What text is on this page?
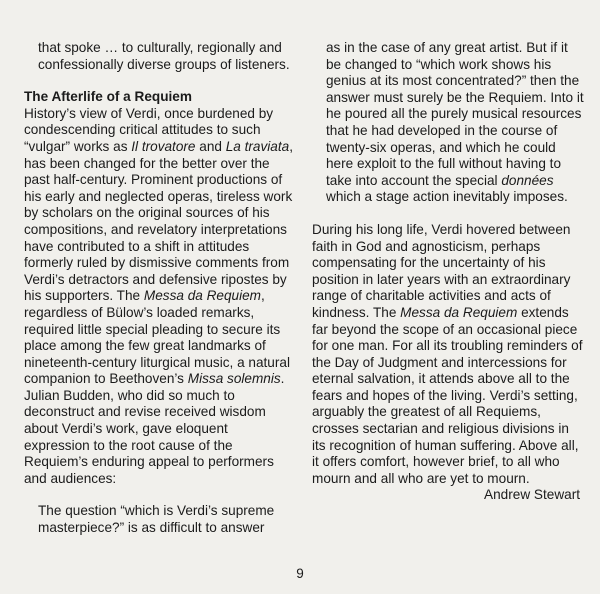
that spoke … to culturally, regionally and confessionally diverse groups of listeners.

The Afterlife of a Requiem

History’s view of Verdi, once burdened by condescending critical attitudes to such “vulgar” works as Il trovatore and La traviata, has been changed for the better over the past half-century. Prominent productions of his early and neglected operas, tireless work by scholars on the original sources of his compositions, and revelatory interpretations have contributed to a shift in attitudes formerly ruled by dismissive comments from Verdi’s detractors and defensive ripostes by his supporters. The Messa da Requiem, regardless of Bülow’s loaded remarks, required little special pleading to secure its place among the few great landmarks of nineteenth-century liturgical music, a natural companion to Beethoven’s Missa solemnis. Julian Budden, who did so much to deconstruct and revise received wisdom about Verdi’s work, gave eloquent expression to the root cause of the Requiem’s enduring appeal to performers and audiences:

The question “which is Verdi’s supreme masterpiece?” is as difficult to answer

as in the case of any great artist. But if it be changed to “which work shows his genius at its most concentrated?” then the answer must surely be the Requiem. Into it he poured all the purely musical resources that he had developed in the course of twenty-six operas, and which he could here exploit to the full without having to take into account the special données which a stage action inevitably imposes.

During his long life, Verdi hovered between faith in God and agnosticism, perhaps compensating for the uncertainty of his position in later years with an extraordinary range of charitable activities and acts of kindness. The Messa da Requiem extends far beyond the scope of an occasional piece for one man. For all its troubling reminders of the Day of Judgment and intercessions for eternal salvation, it attends above all to the fears and hopes of the living. Verdi’s setting, arguably the greatest of all Requiems, crosses sectarian and religious divisions in its recognition of human suffering. Above all, it offers comfort, however brief, to all who mourn and all who are yet to mourn.

Andrew Stewart

9
